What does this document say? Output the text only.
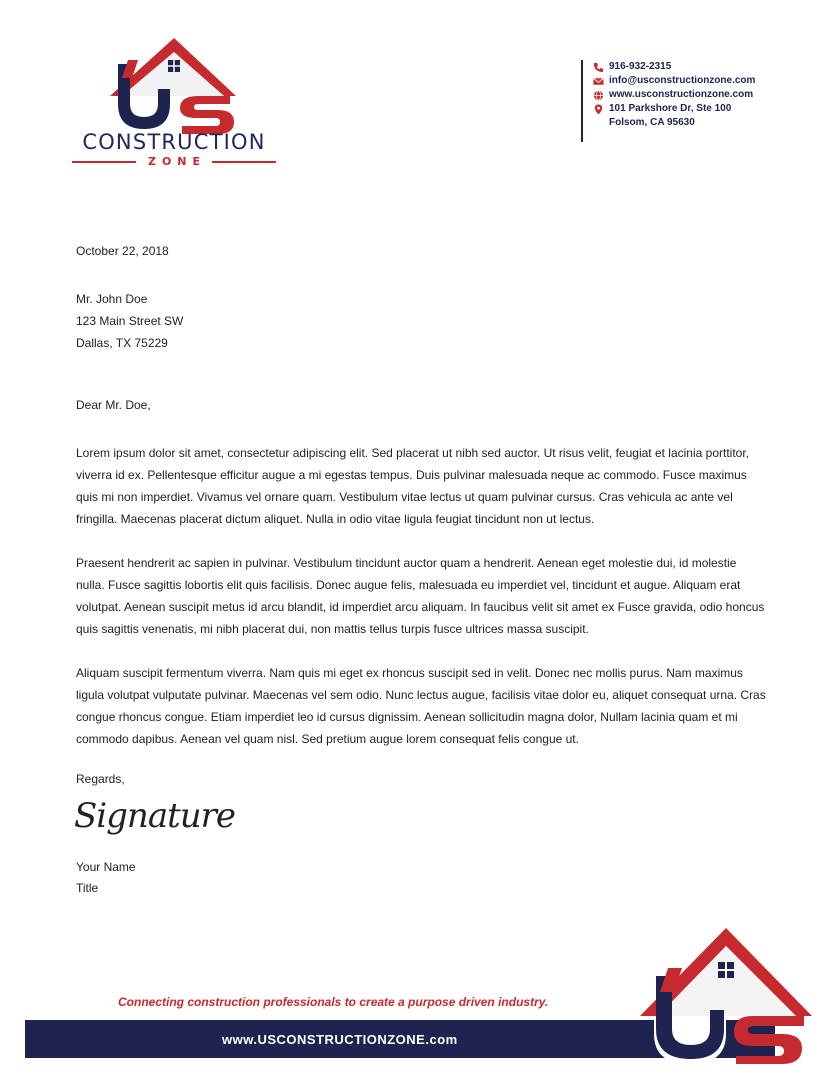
CONSTRUCTION
ZONE
916-932-2315
info@usconstructionzone.com
www.usconstructionzone.com
101 Parkshore Dr, Ste 100
Folsom, CA 95630
October 22, 2018
Mr. John Doe
123 Main Street SW
Dallas, TX 75229
Dear Mr. Doe,

Lorem ipsum dolor sit amet, consectetur adipiscing elit. Sed placerat ut nibh sed auctor. Ut risus velit, feugiat et lacinia porttitor, viverra id ex. Pellentesque efficitur augue a mi egestas tempus. Duis pulvinar malesuada neque ac commodo. Fusce maximus quis mi non imperdiet. Vivamus vel ornare quam. Vestibulum vitae lectus ut quam pulvinar cursus. Cras vehicula ac ante vel fringilla. Maecenas placerat dictum aliquet. Nulla in odio vitae ligula feugiat tincidunt non ut lectus.

Praesent hendrerit ac sapien in pulvinar. Vestibulum tincidunt auctor quam a hendrerit. Aenean eget molestie dui, id molestie nulla. Fusce sagittis lobortis elit quis facilisis. Donec augue felis, malesuada eu imperdiet vel, tincidunt et augue. Aliquam erat volutpat. Aenean suscipit metus id arcu blandit, id imperdiet arcu aliquam. In faucibus velit sit amet ex Fusce gravida, odio honcus quis sagittis venenatis, mi nibh placerat dui, non mattis tellus turpis fusce ultrices massa suscipit.

Aliquam suscipit fermentum viverra. Nam quis mi eget ex rhoncus suscipit sed in velit. Donec nec mollis purus. Nam maximus ligula volutpat vulputate pulvinar. Maecenas vel sem odio. Nunc lectus augue, facilisis vitae dolor eu, aliquet consequat urna. Cras congue rhoncus congue. Etiam imperdiet leo id cursus dignissim. Aenean sollicitudin magna dolor, Nullam lacinia quam et mi commodo dapibus. Aenean vel quam nisl. Sed pretium augue lorem consequat felis congue ut.

Regards,
Signature
Your Name
Title
Connecting construction professionals to create a purpose driven industry.
www.USCONSTRUCTIONZONE.com
